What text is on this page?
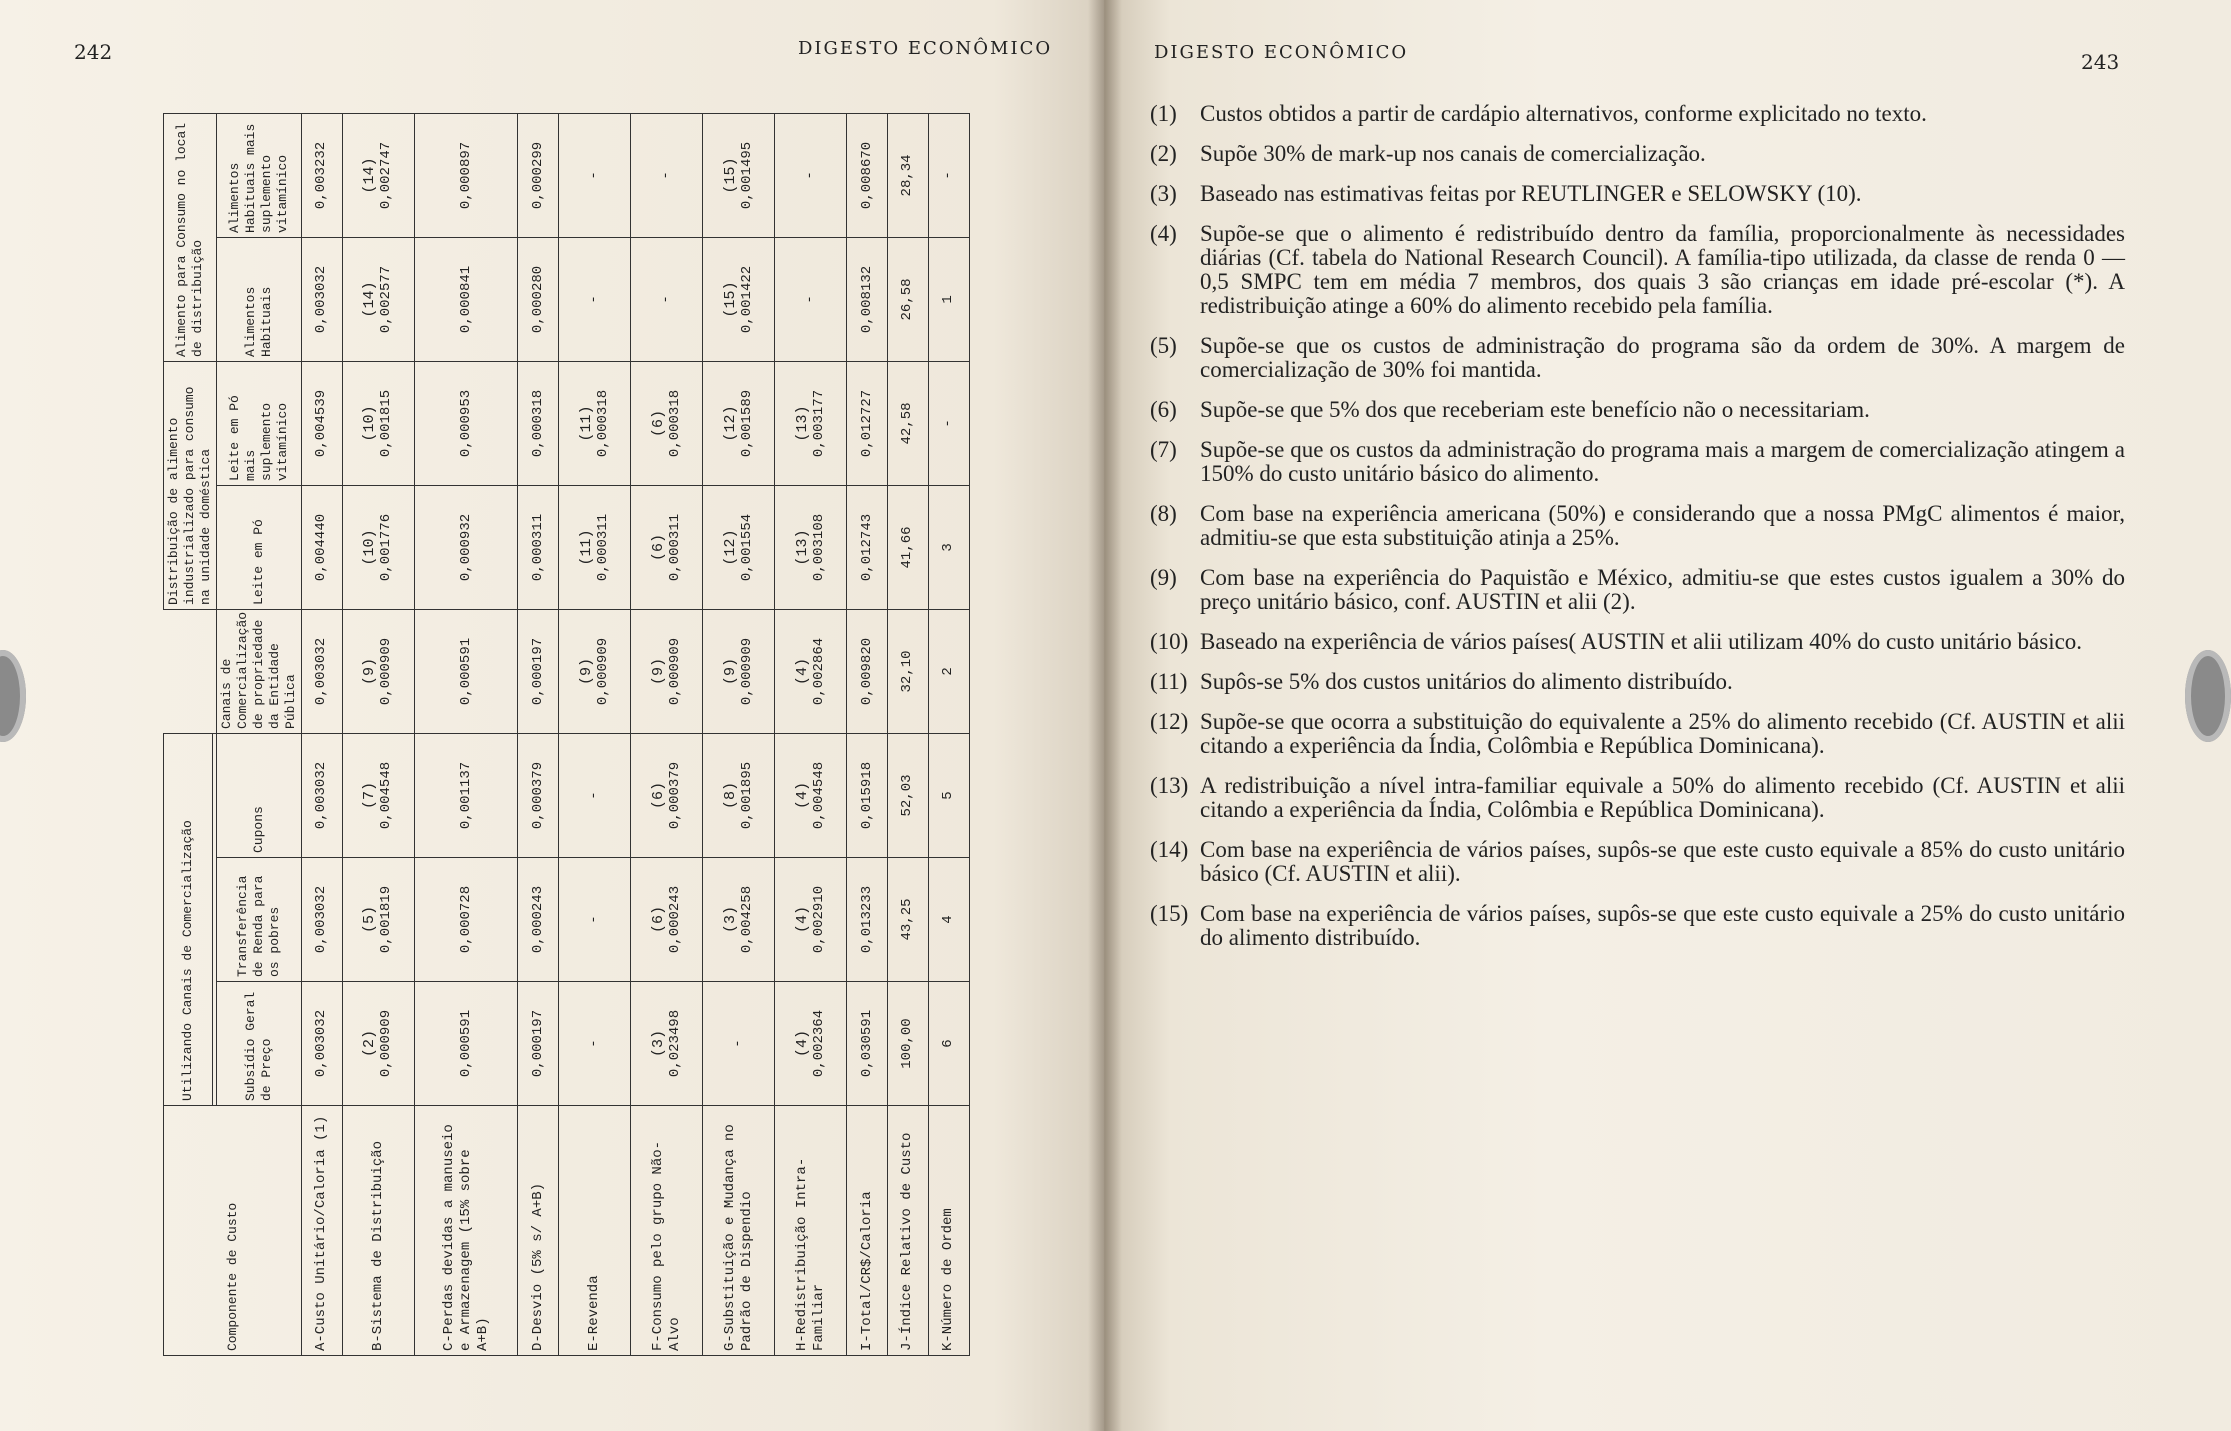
242	DIGESTO ECONÔMICO
Componente de Custo	Utilizando Canais de Comercialização				Distribuição de alimento industrializado para consumo na unidade doméstica		Alimento para Consumo no local de distribuição	

	Subsídio Geral de Preço	Transferência de Renda para os pobres	Cupons	Canais de Comercialização de propriedade da Entidade Pública	Leite em Pó	Leite em Pó mais suplemento vitamínico	Alimentos Habituais	Alimentos Habituais mais suplemento vitamínico
A-Custo Unitário/Caloria (1)	0,003032	0,003032	0,003032	0,003032	0,004440	0,004539	0,003032	0,003232
B-Sistema de Distribuição	(2) 0,000909	(5) 0,001819	(7) 0,004548	(9) 0,000909	(10) 0,001776	(10) 0,001815	(14) 0,002577	(14) 0,002747
C-Perdas devidas a manuseio e Armazenagem (15% sobre A+B)	0,000591	0,000728	0,001137	0,000591	0,000932	0,000953	0,000841	0,000897
D-Desvio (5% s/ A+B)	0,000197	0,000243	0,000379	0,000197	0,000311	0,000318	0,000280	0,000299
E-Revenda	-	-	-	(9) 0,000909	(11) 0,000311	(11) 0,000318	-	-
F-Consumo pelo grupo Não-Alvo	(3) 0,023498	(6) 0,000243	(6) 0,000379	(9) 0,000909	(6) 0,000311	(6) 0,000318	-	-
G-Substituição e Mudança no Padrão de Dispendio	-	(3) 0,004258	(8) 0,001895	(9) 0,000909	(12) 0,001554	(12) 0,001589	(15) 0,001422	(15) 0,001495
H-Redistribuição Intra-Familiar	(4) 0,002364	(4) 0,002910	(4) 0,004548	(4) 0,002864	(13) 0,003108	(13) 0,003177	-	-
I-Total/CR$/Caloria	0,030591	0,013233	0,015918	0,009820	0,012743	0,012727	0,008132	0,008670
J-Índice Relativo de Custo	100,00	43,25	52,03	32,10	41,66	42,58	26,58	28,34
K-Número de Ordem	6	4	5	2	3	-	1	-
DIGESTO ECONÔMICO	243
(1)	Custos obtidos a partir de cardápio alternativos, conforme explicitado no texto.
(2)	Supõe 30% de mark-up nos canais de comercialização.
(3)	Baseado nas estimativas feitas por REUTLINGER e SELOWSKY (10).
(4)	Supõe-se que o alimento é redistribuído dentro da família, proporcionalmente às necessidades diárias (Cf. tabela do National Research Council). A família-tipo utilizada, da classe de renda 0 — 0,5 SMPC tem em média 7 membros, dos quais 3 são crianças em idade pré-escolar (*). A redistribuição atinge a 60% do alimento recebido pela família.
(5)	Supõe-se que os custos de administração do programa são da ordem de 30%. A margem de comercialização de 30% foi mantida.
(6)	Supõe-se que 5% dos que receberiam este benefício não o necessitariam.
(7)	Supõe-se que os custos da administração do programa mais a margem de comercialização atingem a 150% do custo unitário básico do alimento.
(8)	Com base na experiência americana (50%) e considerando que a nossa PMgC alimentos é maior, admitiu-se que esta substituição atinja a 25%.
(9)	Com base na experiência do Paquistão e México, admitiu-se que estes custos igualem a 30% do preço unitário básico, conf. AUSTIN et alii (2).
(10) Baseado na experiência de vários países( AUSTIN et alii utilizam 40% do custo unitário básico.
(11) Supôs-se 5% dos custos unitários do alimento distribuído.
(12) Supõe-se que ocorra a substituição do equivalente a 25% do alimento recebido (Cf. AUSTIN et alii citando a experiência da Índia, Colômbia e República Dominicana).
(13) A redistribuição a nível intra-familiar equivale a 50% do alimento recebido (Cf. AUSTIN et alii citando a experiência da Índia, Colômbia e República Dominicana).
(14) Com base na experiência de vários países, supôs-se que este custo equivale a 85% do custo unitário básico (Cf. AUSTIN et alii).
(15) Com base na experiência de vários países, supôs-se que este custo equivale a 25% do custo unitário do alimento distribuído.
